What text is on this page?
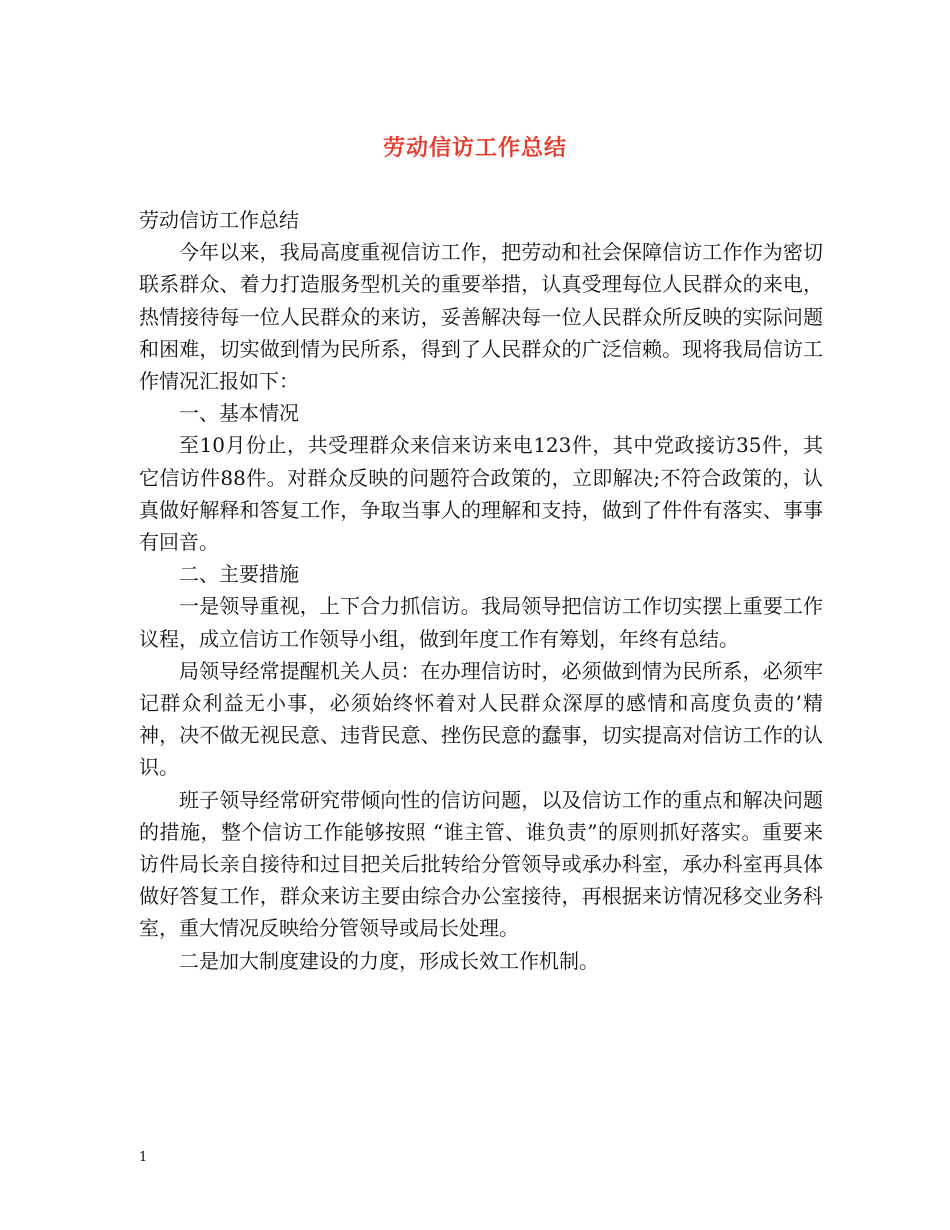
劳动信访工作总结

劳动信访工作总结

今年以来，我局高度重视信访工作，把劳动和社会保障信访工作作为密切联系群众、着力打造服务型机关的重要举措，认真受理每位人民群众的来电，热情接待每一位人民群众的来访，妥善解决每一位人民群众所反映的实际问题和困难，切实做到情为民所系，得到了人民群众的广泛信赖。现将我局信访工作情况汇报如下：

一、基本情况

至10月份止，共受理群众来信来访来电123件，其中党政接访35件，其它信访件88件。对群众反映的问题符合政策的，立即解决;不符合政策的，认真做好解释和答复工作，争取当事人的理解和支持，做到了件件有落实、事事有回音。

二、主要措施

一是领导重视，上下合力抓信访。我局领导把信访工作切实摆上重要工作议程，成立信访工作领导小组，做到年度工作有筹划，年终有总结。

局领导经常提醒机关人员：在办理信访时，必须做到情为民所系，必须牢记群众利益无小事，必须始终怀着对人民群众深厚的感情和高度负责的’精神，决不做无视民意、违背民意、挫伤民意的蠢事，切实提高对信访工作的认识。

班子领导经常研究带倾向性的信访问题，以及信访工作的重点和解决问题的措施，整个信访工作能够按照 “谁主管、谁负责”的原则抓好落实。重要来访件局长亲自接待和过目把关后批转给分管领导或承办科室，承办科室再具体做好答复工作，群众来访主要由综合办公室接待，再根据来访情况移交业务科室，重大情况反映给分管领导或局长处理。

二是加大制度建设的力度，形成长效工作机制。

1
